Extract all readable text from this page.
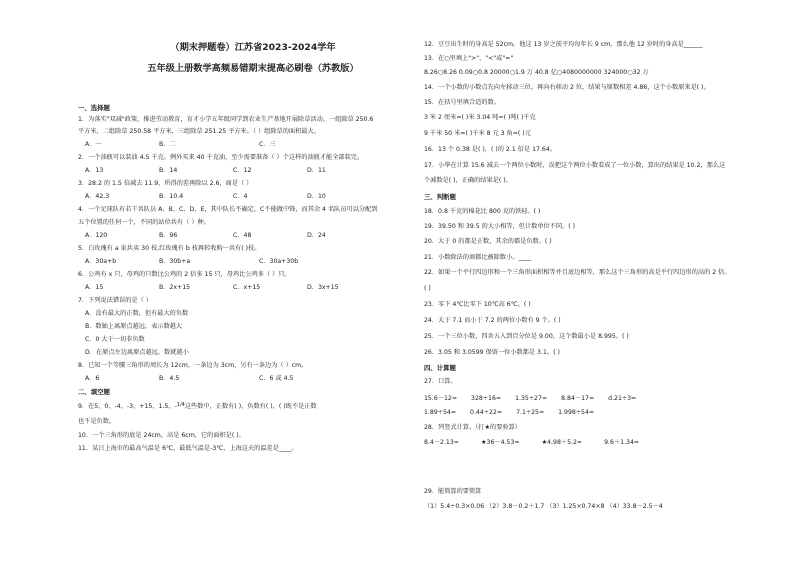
（期末押题卷）江苏省2023-2024学年
五年级上册数学高频易错期末提高必刷卷（苏教版）
一、选择题
1．为落实"双减"政策，推进劳动教育，育才小学五年级同学到农业生产基地开展除草活动。一组除草 250.6
平方米，二组除草 250.58 平方米，三组除草 251.25 平方米。（ ）组除草的面积最大。
A．一	B．二	C．三
2．一个油瓶可以装油 4.5 千克。例外买来 40 千克油，至少需要准备（ ）个这样的油瓶才能全部装完。
A．13	B．14	C．12	D．11
3．28.2 的 1.5 倍减去 11.9，所得的差再除以 2.6，商是（ ）
A．42.3	B．10.4	C．4	D．10
4．一个足球队有若干名队员 A、B、C、D、E，其中队长不确定，C不能做中锋，而其余 4 名队员可以分配到
五个位置的任何一个，不同的站位共有（ ）种。
A．120	B．96	C．48	D．24
5．白玫瑰有 a 束共卖 30 枝,红玫瑰有 b 枝再转收购一共有( )枝。
A．30a+b	B．30b+a	C．30a+30b
6．公鸡有 x 只，母鸡的只数比公鸡的 2 倍多 15 只，母鸡比公鸡多（ ）只。
A．15	B．2x+15	C．x+15	D．3x+15
7．下列说法错误的是（ ）
A．没有最大的正数，但有最大的负数
B．数轴上离原点越远，表示数越大
C．0 大于一切非负数
D．在原点左边离原点越远，数就越小
8．已知一个等腰三角形的周长为 12cm，一条边为 3cm，另有一条边为（ ）cm。
A．6	B．4.5	C．6 或 4.5
二、填空题
9．在5、0、-4、-3、+15、1.5、-$^{1/4}$这些数中，正数有( )，负数有( )，( )既不是正数
也不是负数。
10．一个三角形的底是 24cm，高是 6cm，它的面积是( )。
11．某日上海市的最高气温是 6℃，最低气温是-3℃，上海这天的温差是____。
12．豆豆出生时的身高是 52cm，他这 13 岁之前平均每年长 9 cm，那么他 12 岁时的身高是______
13．在○里填上">"、"<"或"="
8.26○8.26 0.09○0.8 20000○1.9 万 40.8 亿○4080000000 324000○32 万
14．一个小数的小数点先向左移动三位，再向右移动 2 位，结果与原数相差 4.86，这个小数原来是( )。
15．在括号里填合适的数。
3 米 2 厘米=( )米 3.04 吨=( )吨( )千克
9 千米 50 米=( )千米 8 元 3 角=( )元
16．13 个 0.38 是( )，( )的 2.1 倍是 17.64。
17．小华在计算 15.6 减去一个两位小数时，误把这个两位小数看成了一位小数，算出的结果是 10.2，那么这
个减数是( )，正确的结果是( )。
三、判断题
18．0.8 千克的棉花比 800 克的铁轻。( )
19．39.50 和 39.5 的大小相等，但计数单位不同。( )
20．大于 0 的都是正数，其余的都是负数。( )
21．小数除法的商都比被除数小。____
22．如果一个平行四边形和一个三角形面积相等并且底边相等，那么这个三角形的高是平行四边形的高的 2 倍。
( )
23．零下 4℃比零下 10℃高 6℃。( )
24．大于 7.1 而小于 7.2 的两位小数有 9 个。( )
25．一个三位小数，四舍五入到百分位是 9.00，这个数最小是 8.995。( )
26．3.05 和 3.0599 保留一位小数都是 3.1。( )
四、计算题
27．口算。
15.6－12= 328÷16= 1.35÷27= 8.84－17= d.21÷3=
1.89÷54= 0.44÷22= 7.1÷25= 1.998÷54=
28．列竖式计算。（打★的要验算）
8.4－2.13=	★36－4.53=	★4.98＋5.2=	9.6＋1.34=
29．能简算的要简算
（1）5.4÷0.3×0.06 （2）3.8－0.2＋1.7 （3）1.25×0.74×8 （4）33.8－2.5－4
